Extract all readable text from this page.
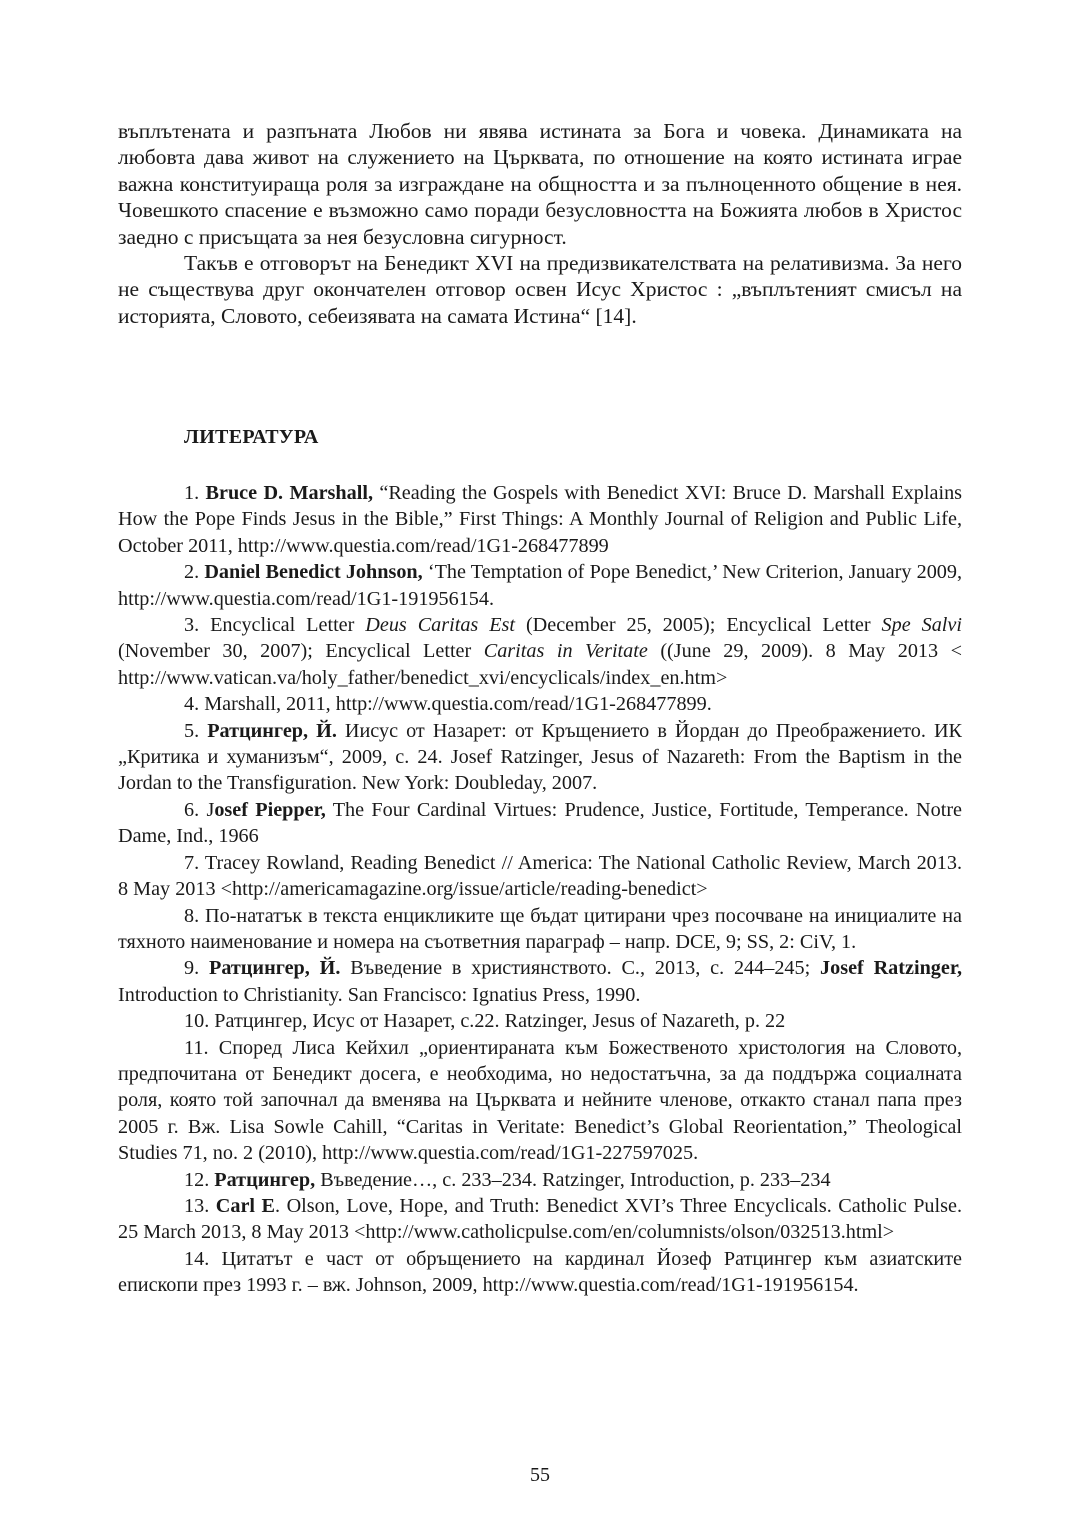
въплътената и разпъната Любов ни явява истината за Бога и човека. Динамиката на любовта дава живот на служението на Църквата, по отношение на която истината играе важна конституираща роля за изграждане на общността и за пълноценното общение в нея. Човешкото спасение е възможно само поради безусловността на Божията любов в Христос заедно с присъщата за нея безусловна сигурност.

Такъв е отговорът на Бенедикт XVI на предизвикателствата на релативизма. За него не съществува друг окончателен отговор освен Исус Христос : „въплътеният смисъл на историята, Словото, себеизявата на самата Истина“ [14].

ЛИТЕРАТУРА

1. Bruce D. Marshall, “Reading the Gospels with Benedict XVI: Bruce D. Marshall Explains How the Pope Finds Jesus in the Bible,” First Things: A Monthly Journal of Religion and Public Life, October 2011, http://www.questia.com/read/1G1-268477899

2. Daniel Benedict Johnson, ‘The Temptation of Pope Benedict,’ New Criterion, January 2009, http://www.questia.com/read/1G1-191956154.

3. Encyclical Letter Deus Caritas Est (December 25, 2005); Encyclical Letter Spe Salvi (November 30, 2007); Encyclical Letter Caritas in Veritate ((June 29, 2009). 8 May 2013 < http://www.vatican.va/holy_father/benedict_xvi/encyclicals/index_en.htm>

4. Marshall, 2011, http://www.questia.com/read/1G1-268477899.

5. Ратцингер, Й. Иисус от Назарет: от Кръщението в Йордан до Преображението. ИК „Критика и хуманизъм“, 2009, с. 24. Josef Ratzinger, Jesus of Nazareth: From the Baptism in the Jordan to the Transfiguration. New York: Doubleday, 2007.

6. Josef Piepper, The Four Cardinal Virtues: Prudence, Justice, Fortitude, Temperance. Notre Dame, Ind., 1966

7. Tracey Rowland, Reading Benedict // America: The National Catholic Review, March 2013. 8 May 2013 <http://americamagazine.org/issue/article/reading-benedict>

8. По-нататък в текста енцикликите ще бъдат цитирани чрез посочване на инициалите на тяхното наименование и номера на съответния параграф – напр. DCE, 9; SS, 2: CiV, 1.

9. Ратцингер, Й. Въведение в християнството. С., 2013, с. 244–245; Josef Ratzinger, Introduction to Christianity. San Francisco: Ignatius Press, 1990.

10. Ратцингер, Исус от Назарет, с.22. Ratzinger, Jesus of Nazareth, p. 22

11. Според Лиса Кейхил „ориентираната към Божественото христология на Словото, предпочитана от Бенедикт досега, е необходима, но недостатъчна, за да поддържа социалната роля, която той започнал да вменява на Църквата и нейните членове, откакто станал папа през 2005 г. Вж. Lisa Sowle Cahill, “Caritas in Veritate: Benedict’s Global Reorientation,” Theological Studies 71, no. 2 (2010), http://www.questia.com/read/1G1-227597025.

12. Ратцингер, Въведение…, с. 233–234. Ratzinger, Introduction, p. 233–234

13. Carl E. Olson, Love, Hope, and Truth: Benedict XVI’s Three Encyclicals. Catholic Pulse. 25 March 2013, 8 May 2013 <http://www.catholicpulse.com/en/columnists/olson/032513.html>

14. Цитатът е част от обръщението на кардинал Йозеф Ратцингер към азиатските епископи през 1993 г. – вж. Johnson, 2009, http://www.questia.com/read/1G1-191956154.

55
